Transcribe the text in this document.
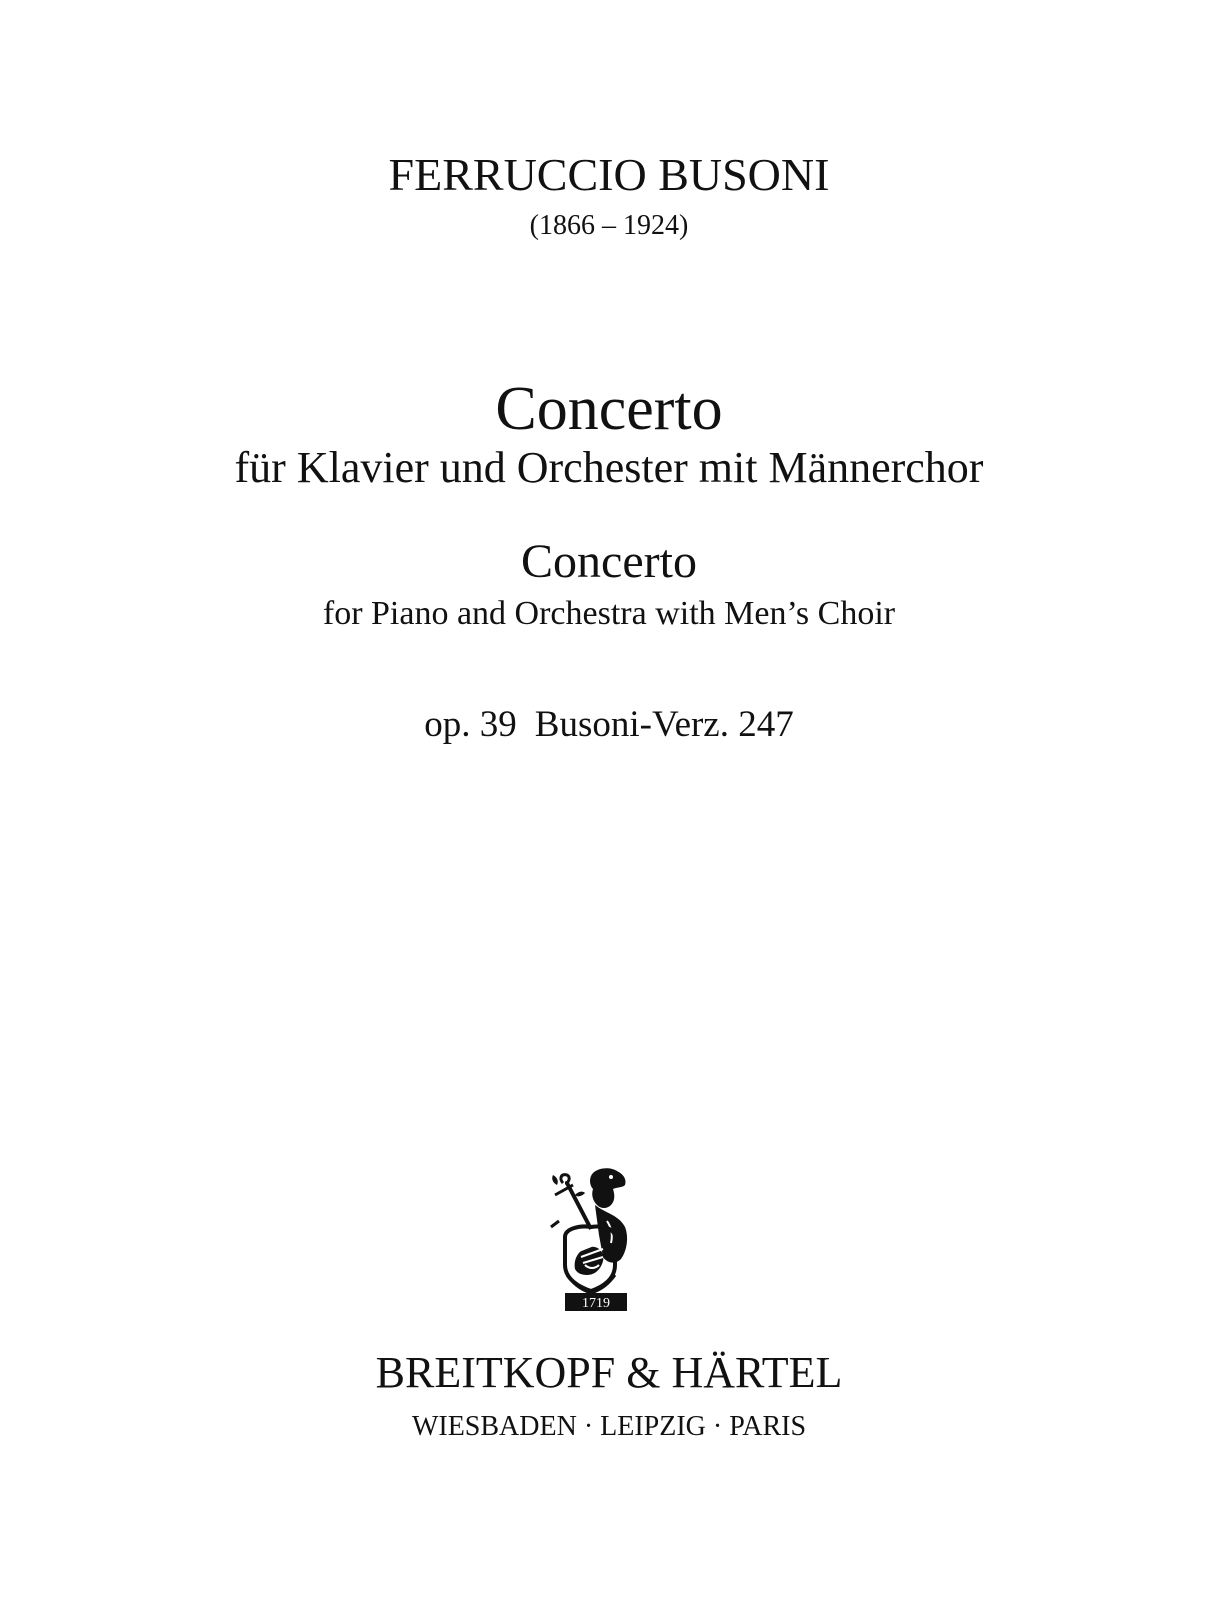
FERRUCCIO BUSONI
(1866 – 1924)
Concerto
für Klavier und Orchester mit Männerchor
Concerto
for Piano and Orchestra with Men’s Choir
op. 39 Busoni-Verz. 247
1719
BREITKOPF & HÄRTEL
WIESBADEN · LEIPZIG · PARIS
